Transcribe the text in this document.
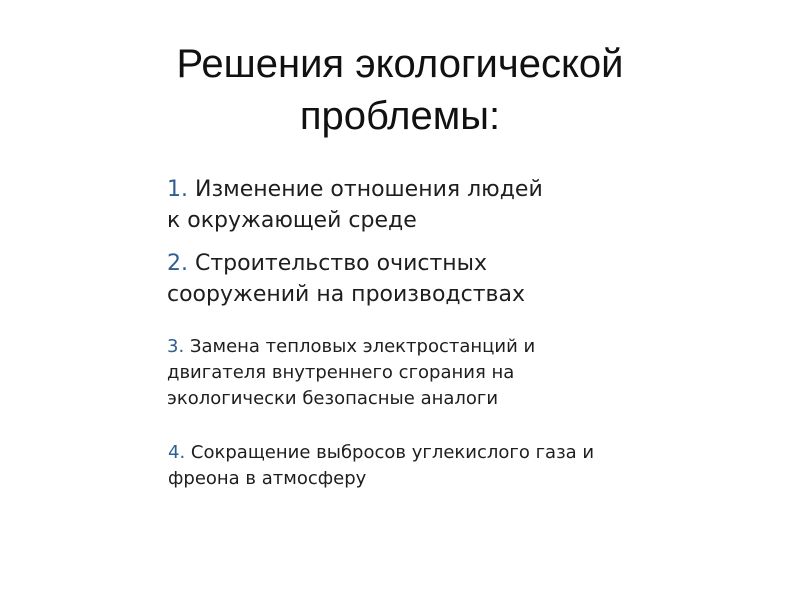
Решения экологической
проблемы:
1. Изменение отношения людей
к окружающей среде
2. Строительство очистных
сооружений на производствах
3. Замена тепловых электростанций и
двигателя внутреннего сгорания на
экологически безопасные аналоги
4. Сокращение выбросов углекислого газа и
фреона в атмосферу
